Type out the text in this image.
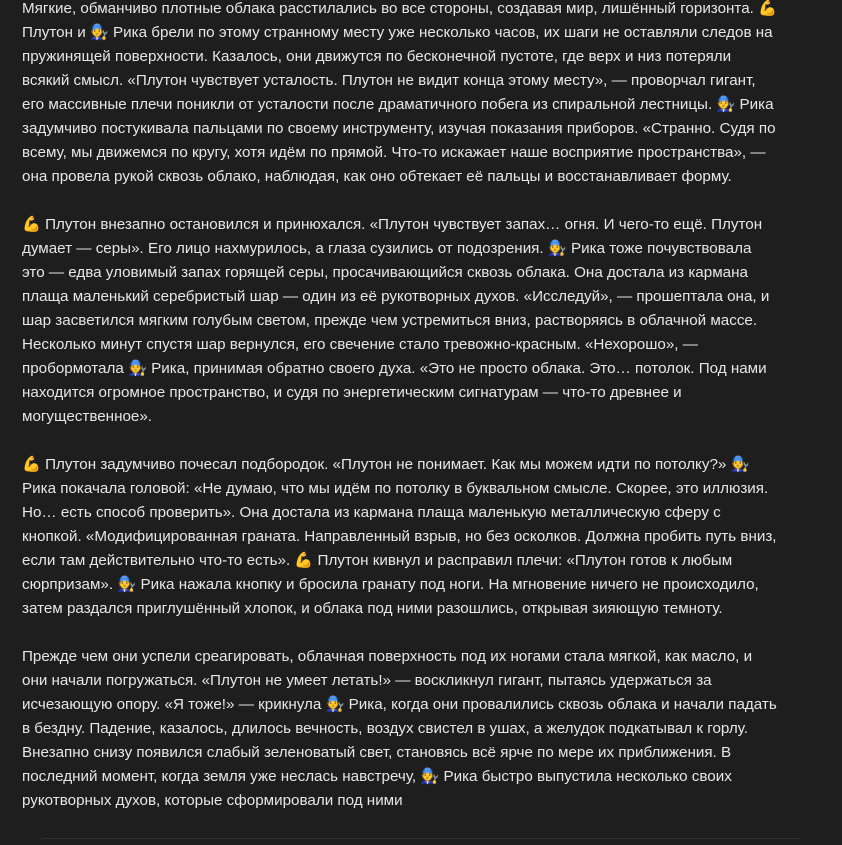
Мягкие, обманчиво плотные облака расстилались во все стороны, создавая мир, лишённый горизонта. 💪 Плутон и 🧑‍🔧 Рика брели по этому странному месту уже несколько часов, их шаги не оставляли следов на пружинящей поверхности. Казалось, они движутся по бесконечной пустоте, где верх и низ потеряли всякий смысл. «Плутон чувствует усталость. Плутон не видит конца этому месту», — проворчал гигант, его массивные плечи поникли от усталости после драматичного побега из спиральной лестницы. 🧑‍🔧 Рика задумчиво постукивала пальцами по своему инструменту, изучая показания приборов. «Странно. Судя по всему, мы движемся по кругу, хотя идём по прямой. Что-то искажает наше восприятие пространства», — она провела рукой сквозь облако, наблюдая, как оно обтекает её пальцы и восстанавливает форму.

💪 Плутон внезапно остановился и принюхался. «Плутон чувствует запах… огня. И чего-то ещё. Плутон думает — серы». Его лицо нахмурилось, а глаза сузились от подозрения. 🧑‍🔧 Рика тоже почувствовала это — едва уловимый запах горящей серы, просачивающийся сквозь облака. Она достала из кармана плаща маленький серебристый шар — один из её рукотворных духов. «Исследуй», — прошептала она, и шар засветился мягким голубым светом, прежде чем устремиться вниз, растворяясь в облачной массе. Несколько минут спустя шар вернулся, его свечение стало тревожно-красным. «Нехорошо», — пробормотала 🧑‍🔧 Рика, принимая обратно своего духа. «Это не просто облака. Это… потолок. Под нами находится огромное пространство, и судя по энергетическим сигнатурам — что-то древнее и могущественное».

💪 Плутон задумчиво почесал подбородок. «Плутон не понимает. Как мы можем идти по потолку?» 🧑‍🔧 Рика покачала головой: «Не думаю, что мы идём по потолку в буквальном смысле. Скорее, это иллюзия. Но… есть способ проверить». Она достала из кармана плаща маленькую металлическую сферу с кнопкой. «Модифицированная граната. Направленный взрыв, но без осколков. Должна пробить путь вниз, если там действительно что-то есть». 💪 Плутон кивнул и расправил плечи: «Плутон готов к любым сюрпризам». 🧑‍🔧 Рика нажала кнопку и бросила гранату под ноги. На мгновение ничего не происходило, затем раздался приглушённый хлопок, и облака под ними разошлись, открывая зияющую темноту.

Прежде чем они успели среагировать, облачная поверхность под их ногами стала мягкой, как масло, и они начали погружаться. «Плутон не умеет летать!» — воскликнул гигант, пытаясь удержаться за исчезающую опору. «Я тоже!» — крикнула 🧑‍🔧 Рика, когда они провалились сквозь облака и начали падать в бездну. Падение, казалось, длилось вечность, воздух свистел в ушах, а желудок подкатывал к горлу. Внезапно снизу появился слабый зеленоватый свет, становясь всё ярче по мере их приближения. В последний момент, когда земля уже неслась навстречу, 🧑‍🔧 Рика быстро выпустила несколько своих рукотворных духов, которые сформировали под ними
